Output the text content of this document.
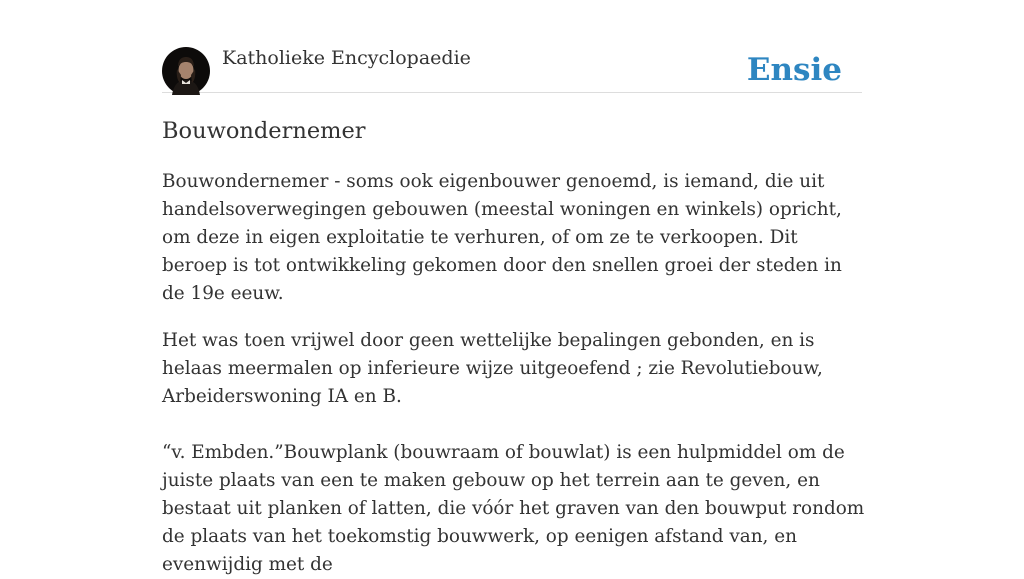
Katholieke Encyclopaedie	Ensie
Bouwondernemer

Bouwondernemer - soms ook eigenbouwer genoemd, is iemand, die uit handelsoverwegingen gebouwen (meestal woningen en winkels) opricht, om deze in eigen exploitatie te verhuren, of om ze te verkoopen. Dit beroep is tot ontwikkeling gekomen door den snellen groei der steden in de 19e eeuw.

Het was toen vrijwel door geen wettelijke bepalingen gebonden, en is helaas meermalen op inferieure wijze uitgeoefend ; zie Revolutiebouw, Arbeiderswoning IA en B.

“v. Embden.”Bouwplank (bouwraam of bouwlat) is een hulpmiddel om de juiste plaats van een te maken gebouw op het terrein aan te geven, en bestaat uit planken of latten, die vóór het graven van den bouwput rondom de plaats van het toekomstig bouwwerk, op eenigen afstand van, en evenwijdig met de
